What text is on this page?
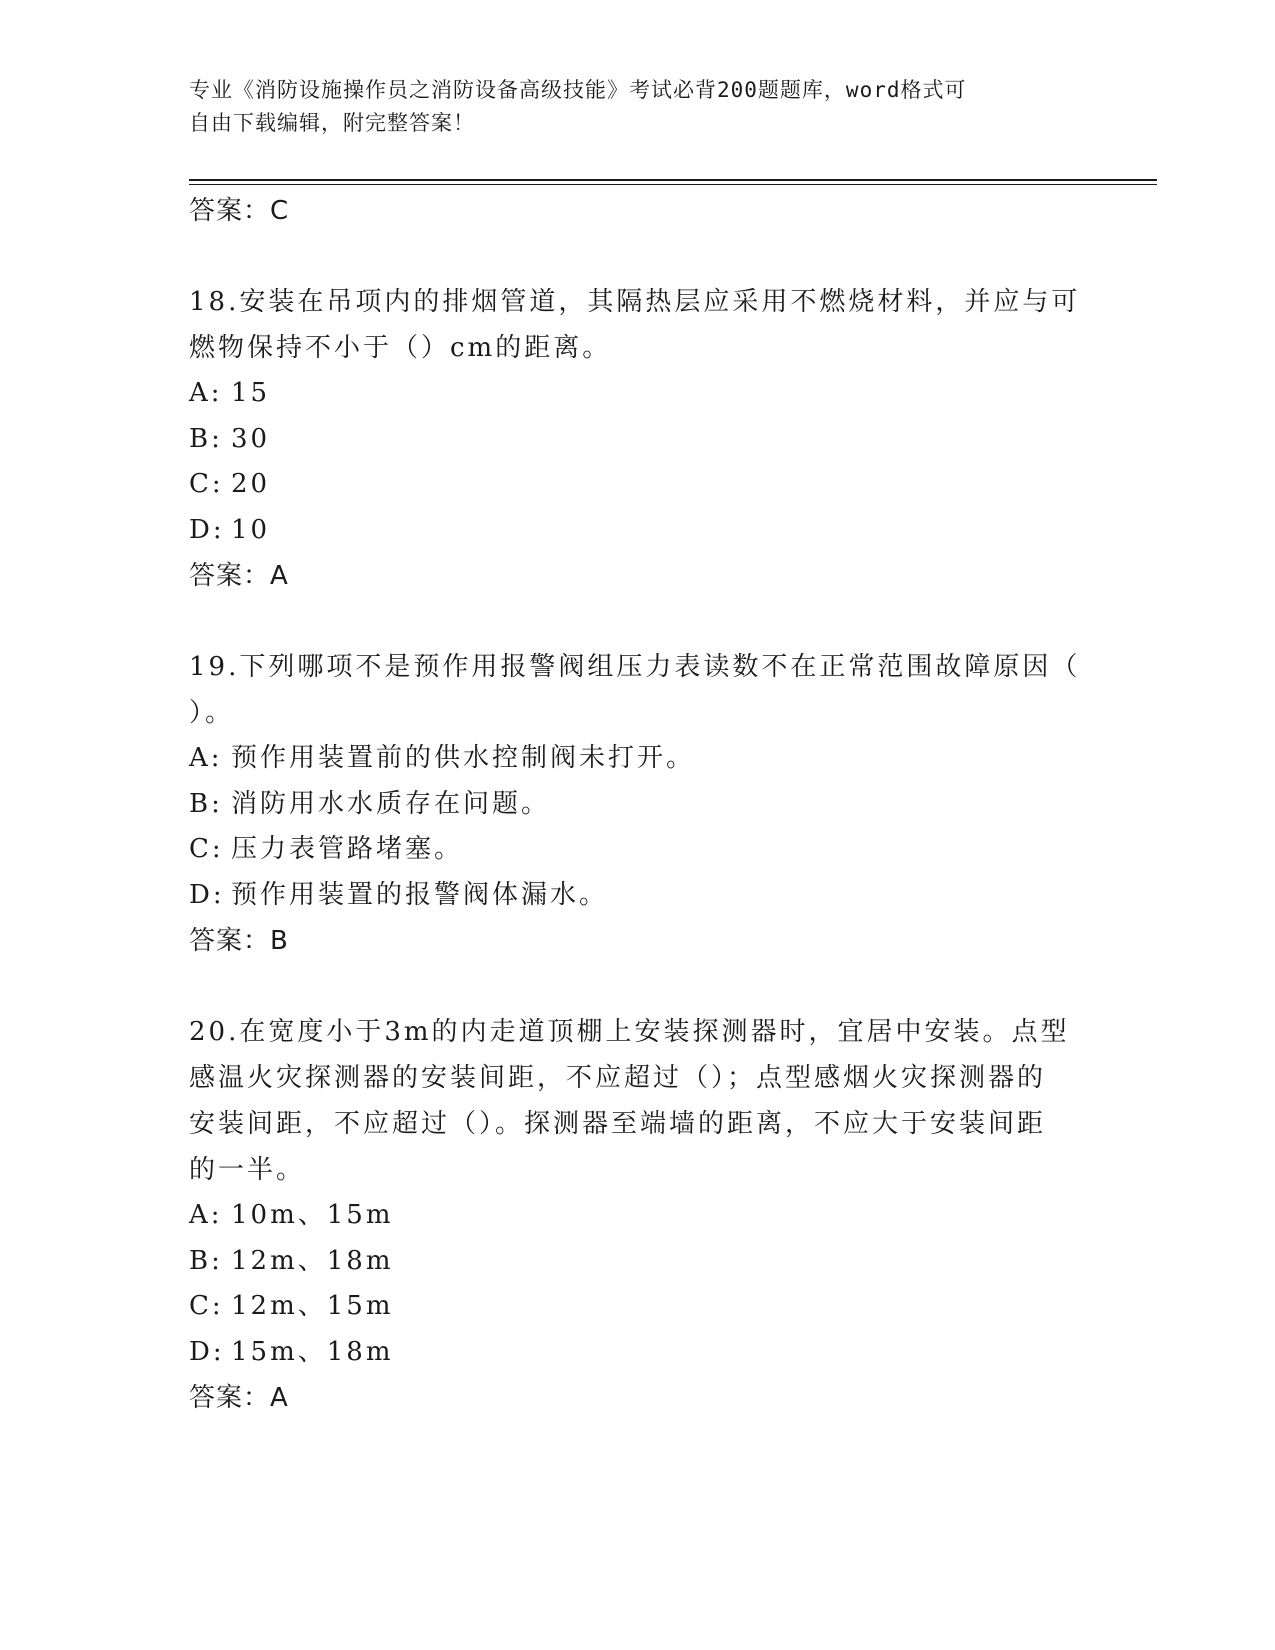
专业《消防设施操作员之消防设备高级技能》考试必背200题题库，word格式可
自由下载编辑，附完整答案！
答案：C
18.安装在吊项内的排烟管道，其隔热层应采用不燃烧材料，并应与可
燃物保持不小于（）cm的距离。
A: 15
B: 30
C: 20
D: 10
答案：A
19.下列哪项不是预作用报警阀组压力表读数不在正常范围故障原因（
）。
A: 预作用装置前的供水控制阀未打开。
B: 消防用水水质存在问题。
C: 压力表管路堵塞。
D: 预作用装置的报警阀体漏水。
答案：B
20.在宽度小于3m的内走道顶棚上安装探测器时，宜居中安装。点型
感温火灾探测器的安装间距，不应超过（）；点型感烟火灾探测器的
安装间距，不应超过（）。探测器至端墙的距离，不应大于安装间距
的一半。
A: 10m、15m
B: 12m、18m
C: 12m、15m
D: 15m、18m
答案：A
